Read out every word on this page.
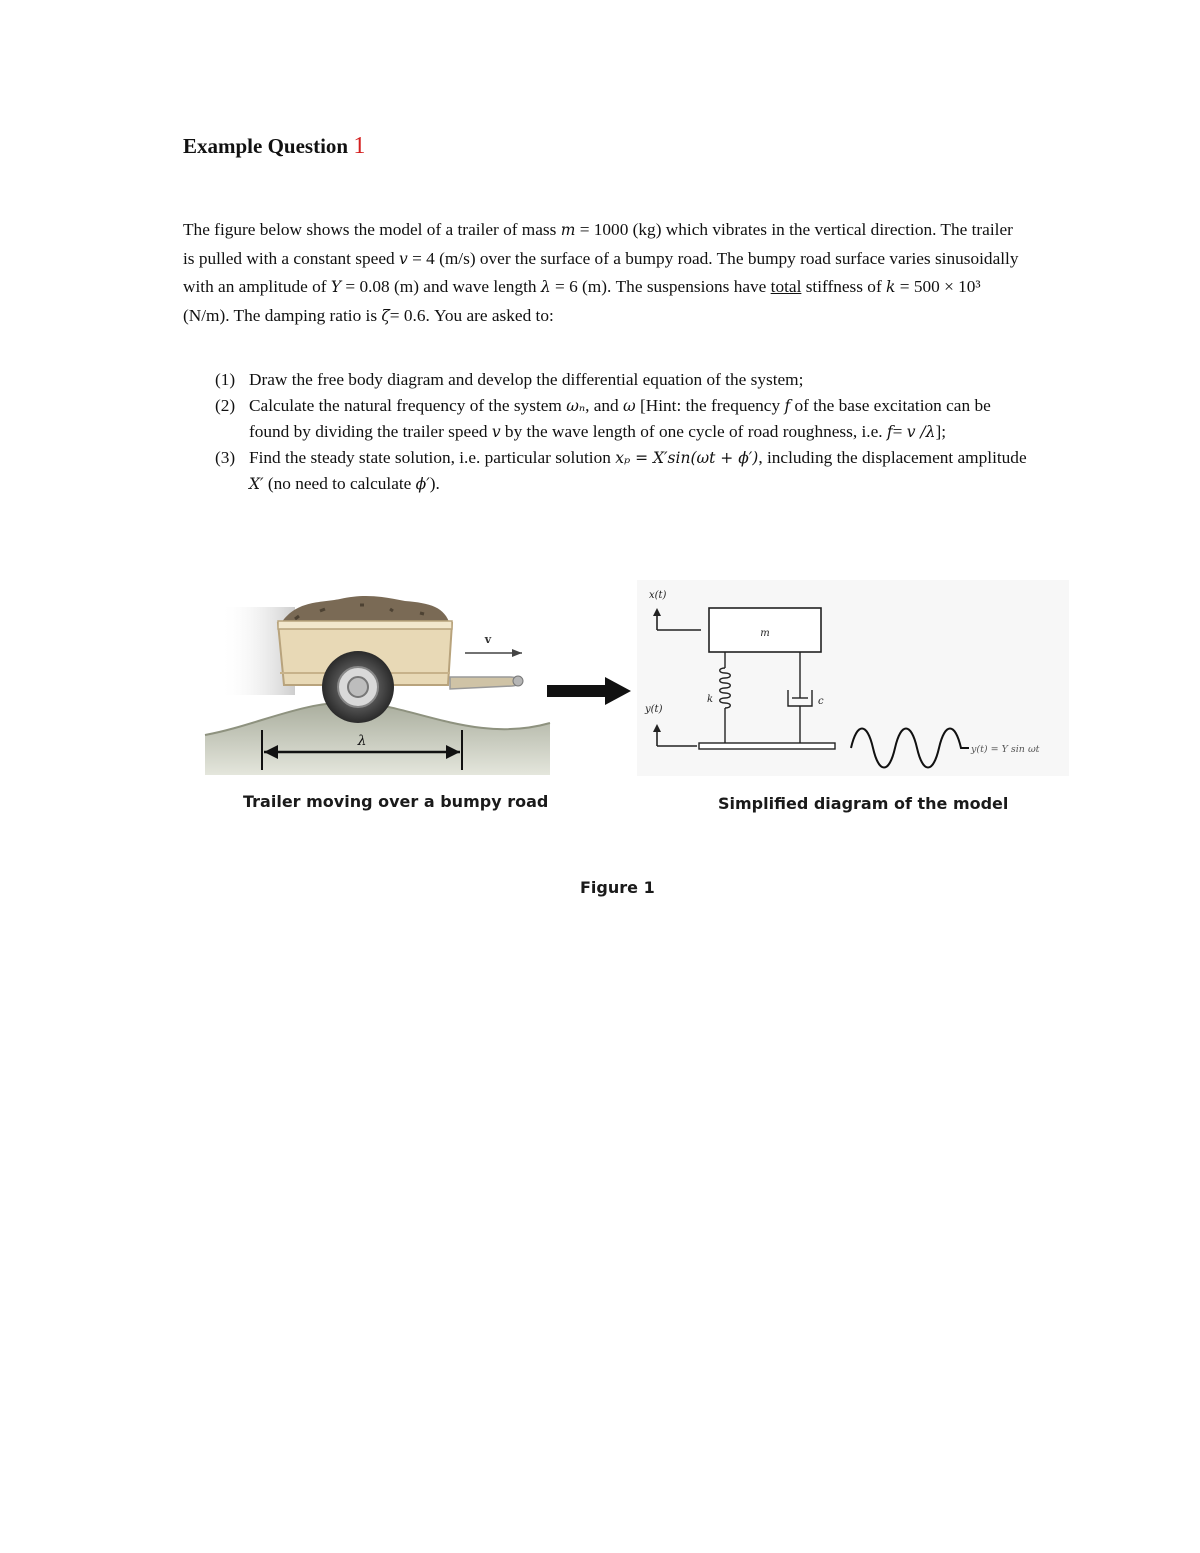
Example Question 1

The figure below shows the model of a trailer of mass m = 1000 (kg) which vibrates in the vertical direction. The trailer is pulled with a constant speed v = 4 (m/s) over the surface of a bumpy road. The bumpy road surface varies sinusoidally with an amplitude of Y = 0.08 (m) and wave length λ = 6 (m). The suspensions have total stiffness of k = 500 × 10³ (N/m). The damping ratio is ζ= 0.6. You are asked to:

(1) Draw the free body diagram and develop the differential equation of the system;
(2) Calculate the natural frequency of the system ωₙ, and ω [Hint: the frequency f of the base excitation can be found by dividing the trailer speed v by the wave length of one cycle of road roughness, i.e. f= v /λ];
(3) Find the steady state solution, i.e. particular solution xₚ = X′sin(ωt + ϕ′), including the displacement amplitude X′ (no need to calculate ϕ′).
v
λ
x(t)
m
k	c
y(t)
y(t) = Y sin ωt

Trailer moving over a bumpy road	Simplified diagram of the model

Figure 1
